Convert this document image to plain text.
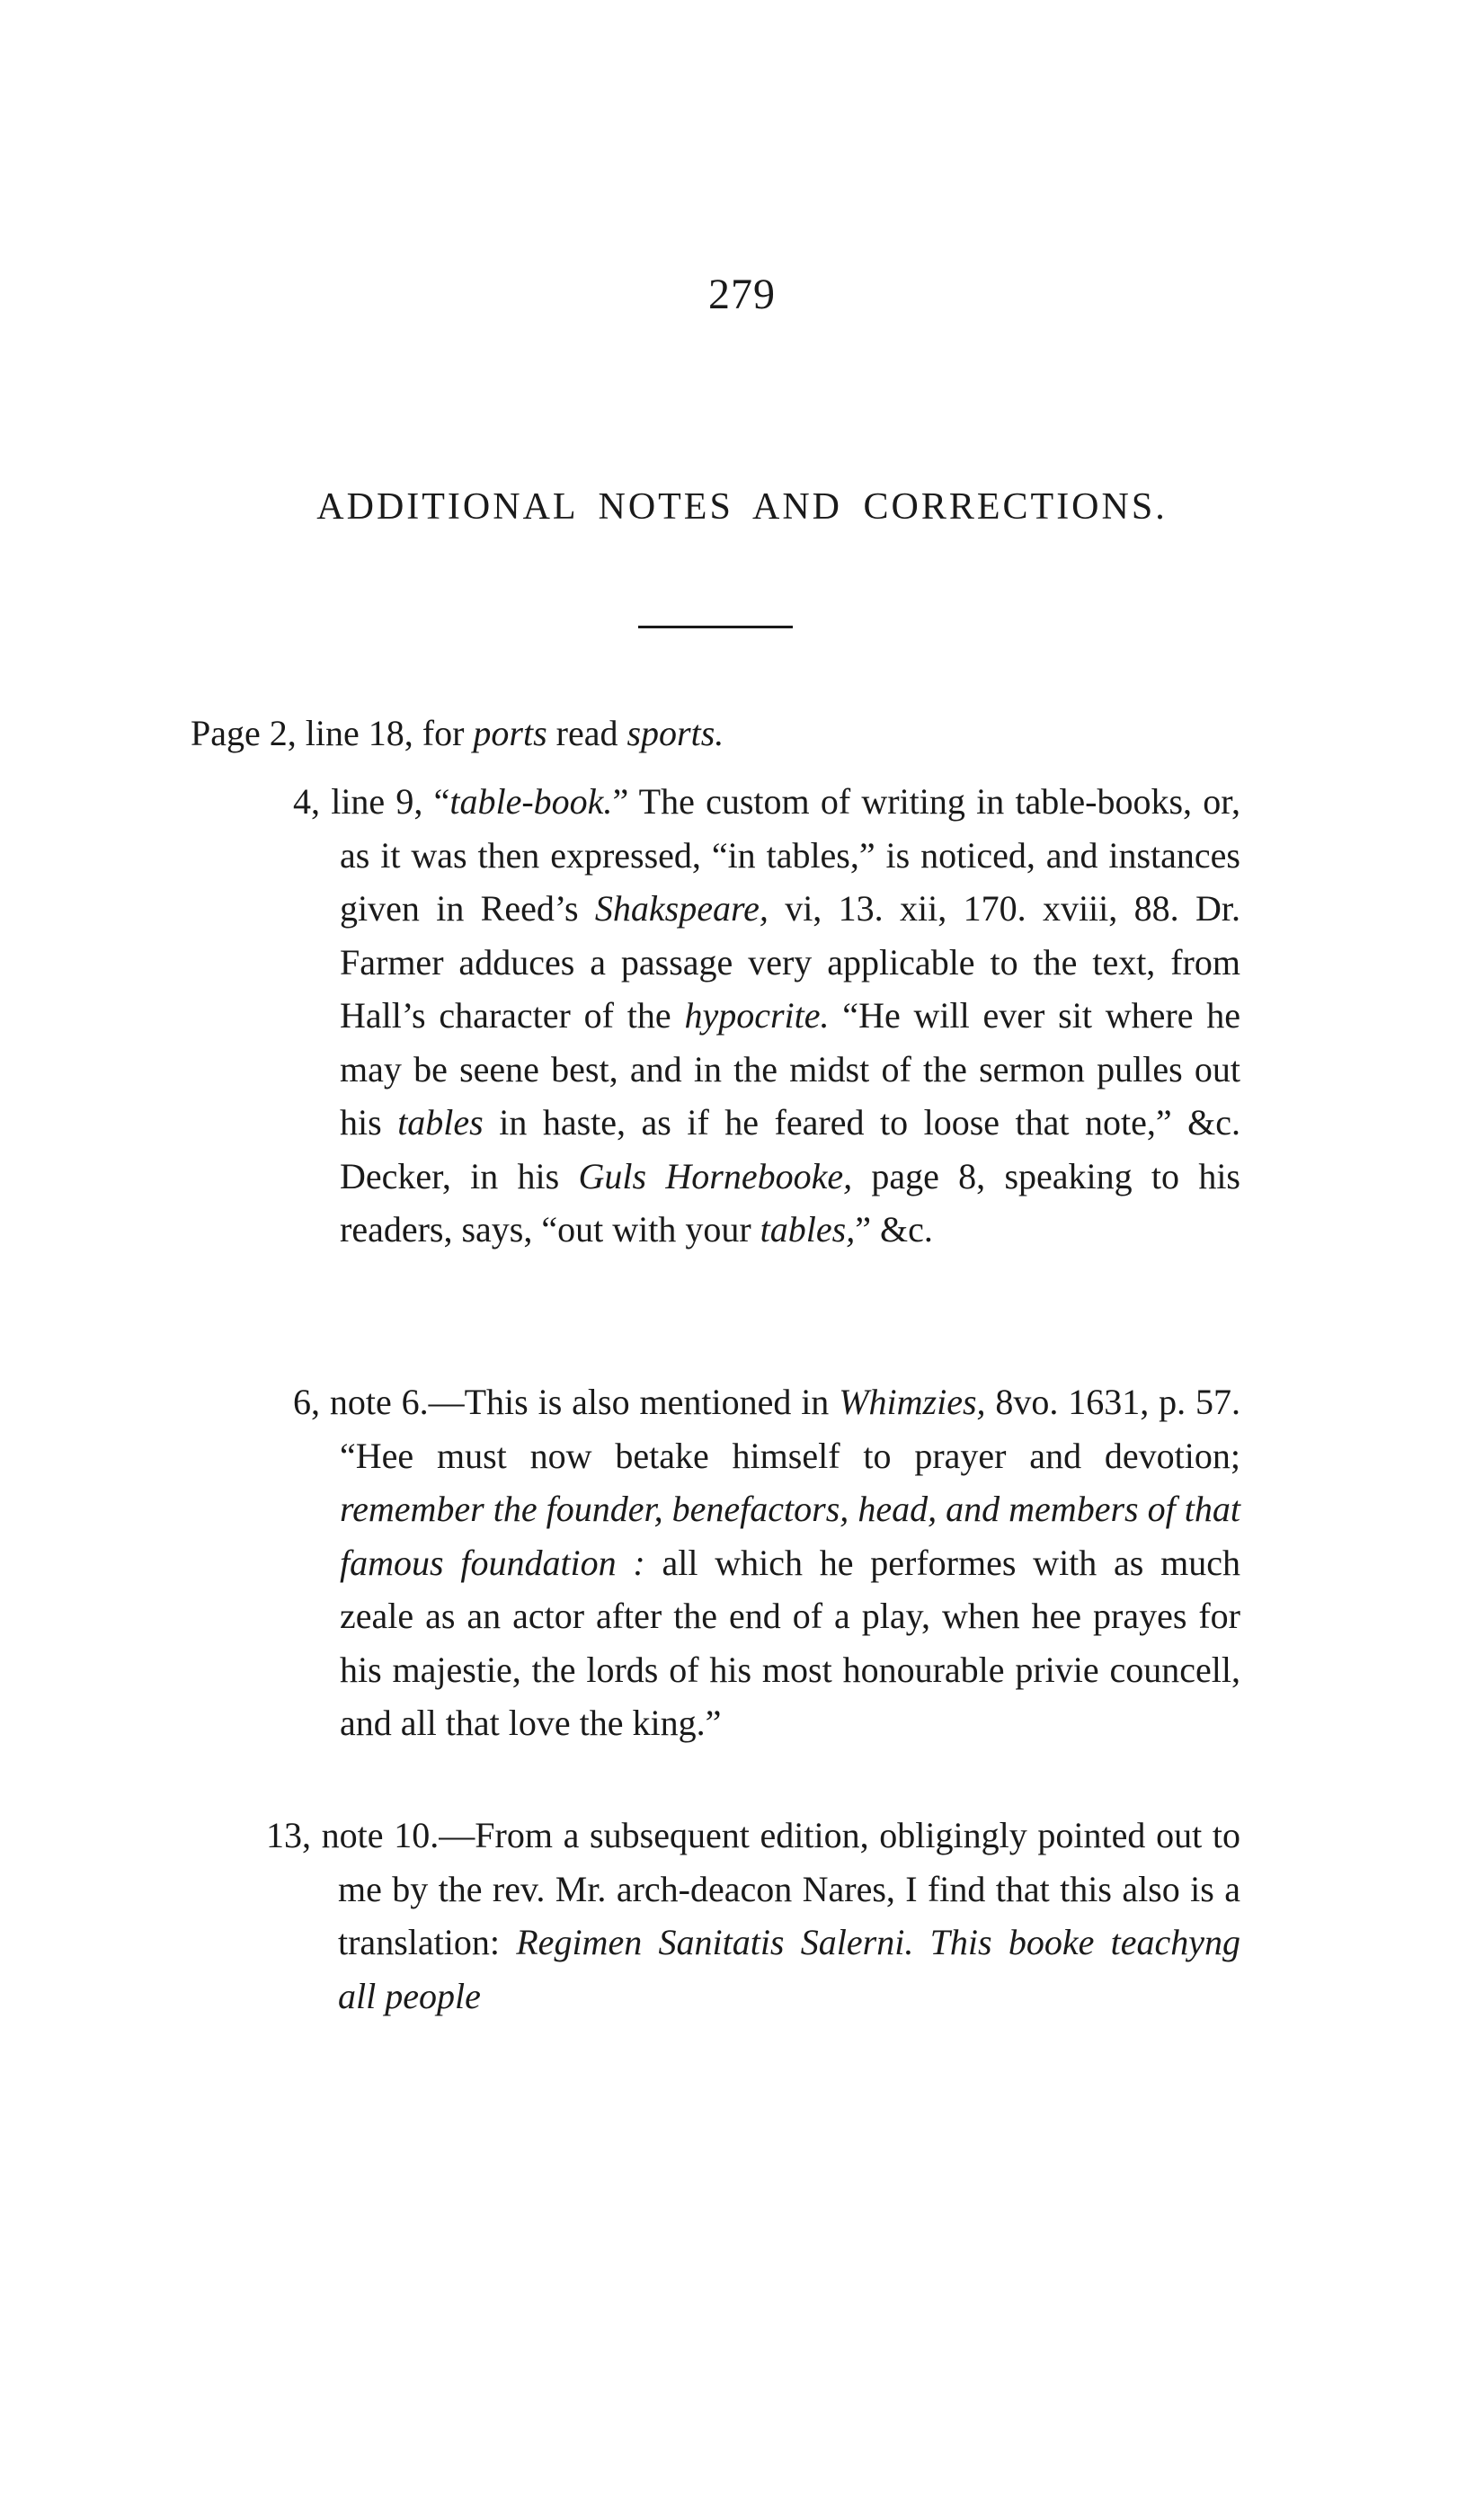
279
ADDITIONAL NOTES AND CORRECTIONS.
Page 2, line 18, for ports read sports.
4, line 9, “table-book.” The custom of writing in table-books, or, as it was then expressed, “in tables,” is noticed, and instances given in Reed’s Shakspeare, vi, 13. xii, 170. xviii, 88. Dr. Farmer adduces a passage very applicable to the text, from Hall’s character of the hypocrite. “He will ever sit where he may be seene best, and in the midst of the sermon pulles out his tables in haste, as if he feared to loose that note,” &c. Decker, in his Guls Hornebooke, page 8, speaking to his readers, says, “out with your tables,” &c.
6, note 6.—This is also mentioned in Whimzies, 8vo. 1631, p. 57. “Hee must now betake himself to prayer and devotion; remember the founder, benefactors, head, and members of that famous foundation : all which he performes with as much zeale as an actor after the end of a play, when hee prayes for his majestie, the lords of his most honourable privie councell, and all that love the king.”
13, note 10.—From a subsequent edition, obligingly pointed out to me by the rev. Mr. arch-deacon Nares, I find that this also is a translation: Regimen Sanitatis Salerni. This booke teachyng all people
